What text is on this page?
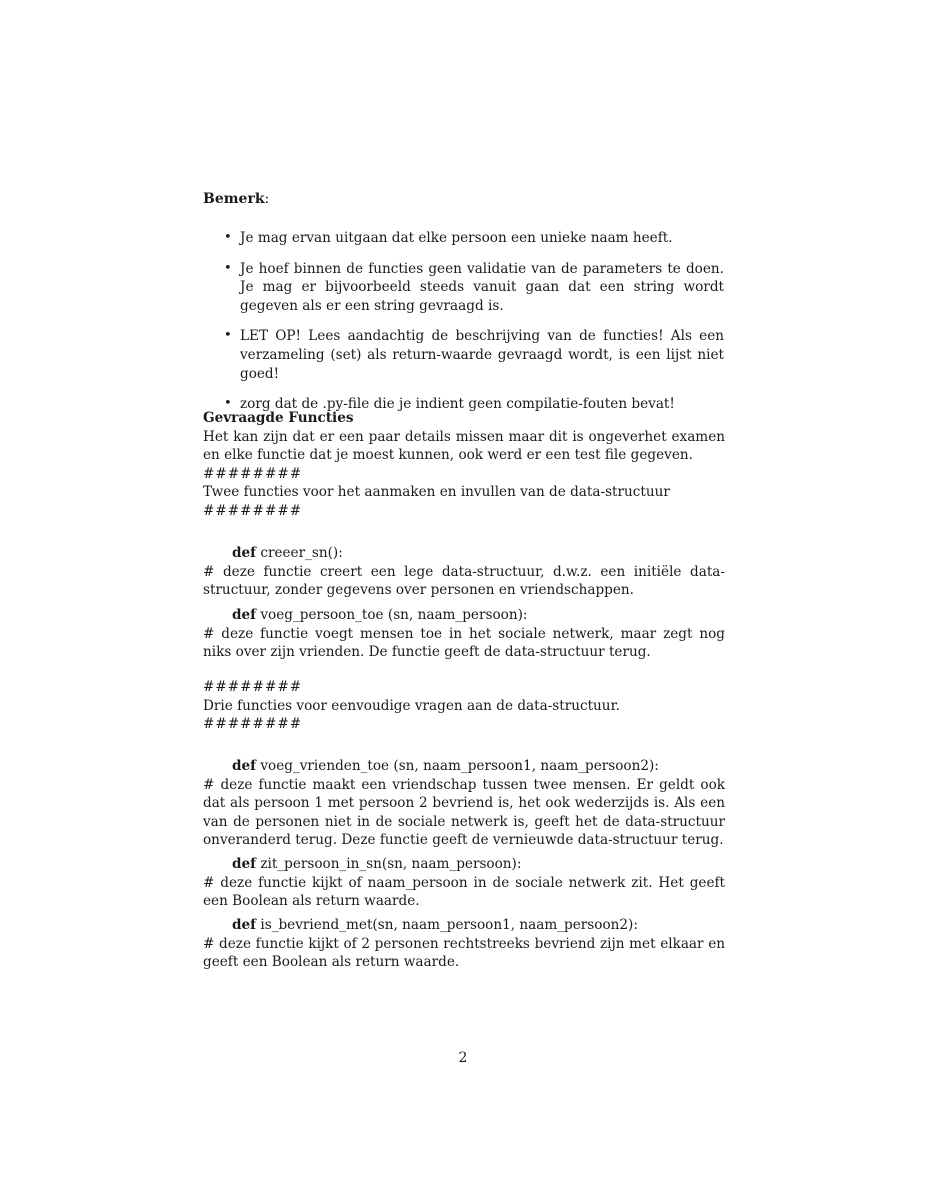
Bemerk:
• Je mag ervan uitgaan dat elke persoon een unieke naam heeft.
• Je hoef binnen de functies geen validatie van de parameters te doen. Je mag er bijvoorbeeld steeds vanuit gaan dat een string wordt gegeven als er een string gevraagd is.
• LET OP! Lees aandachtig de beschrijving van de functies! Als een verzameling (set) als return-waarde gevraagd wordt, is een lijst niet goed!
• zorg dat de .py-file die je indient geen compilatie-fouten bevat!

Gevraagde Functies

Het kan zijn dat er een paar details missen maar dit is ongeverhet examen en elke functie dat je moest kunnen, ook werd er een test file gegeven.

########

Twee functies voor het aanmaken en invullen van de data-structuur

########
def creeer_sn():

# deze functie creert een lege data-structuur, d.w.z. een initiële data-structuur, zonder gegevens over personen en vriendschappen.

def voeg_persoon_toe (sn, naam_persoon):

# deze functie voegt mensen toe in het sociale netwerk, maar zegt nog niks over zijn vrienden. De functie geeft de data-structuur terug.

########

Drie functies voor eenvoudige vragen aan de data-structuur.

########
def voeg_vrienden_toe (sn, naam_persoon1, naam_persoon2):

# deze functie maakt een vriendschap tussen twee mensen. Er geldt ook dat als persoon 1 met persoon 2 bevriend is, het ook wederzijds is. Als een van de personen niet in de sociale netwerk is, geeft het de data-structuur onveranderd terug. Deze functie geeft de vernieuwde data-structuur terug.

def zit_persoon_in_sn(sn, naam_persoon):

# deze functie kijkt of naam_persoon in de sociale netwerk zit. Het geeft een Boolean als return waarde.

def is_bevriend_met(sn, naam_persoon1, naam_persoon2):

# deze functie kijkt of 2 personen rechtstreeks bevriend zijn met elkaar en geeft een Boolean als return waarde.

2
